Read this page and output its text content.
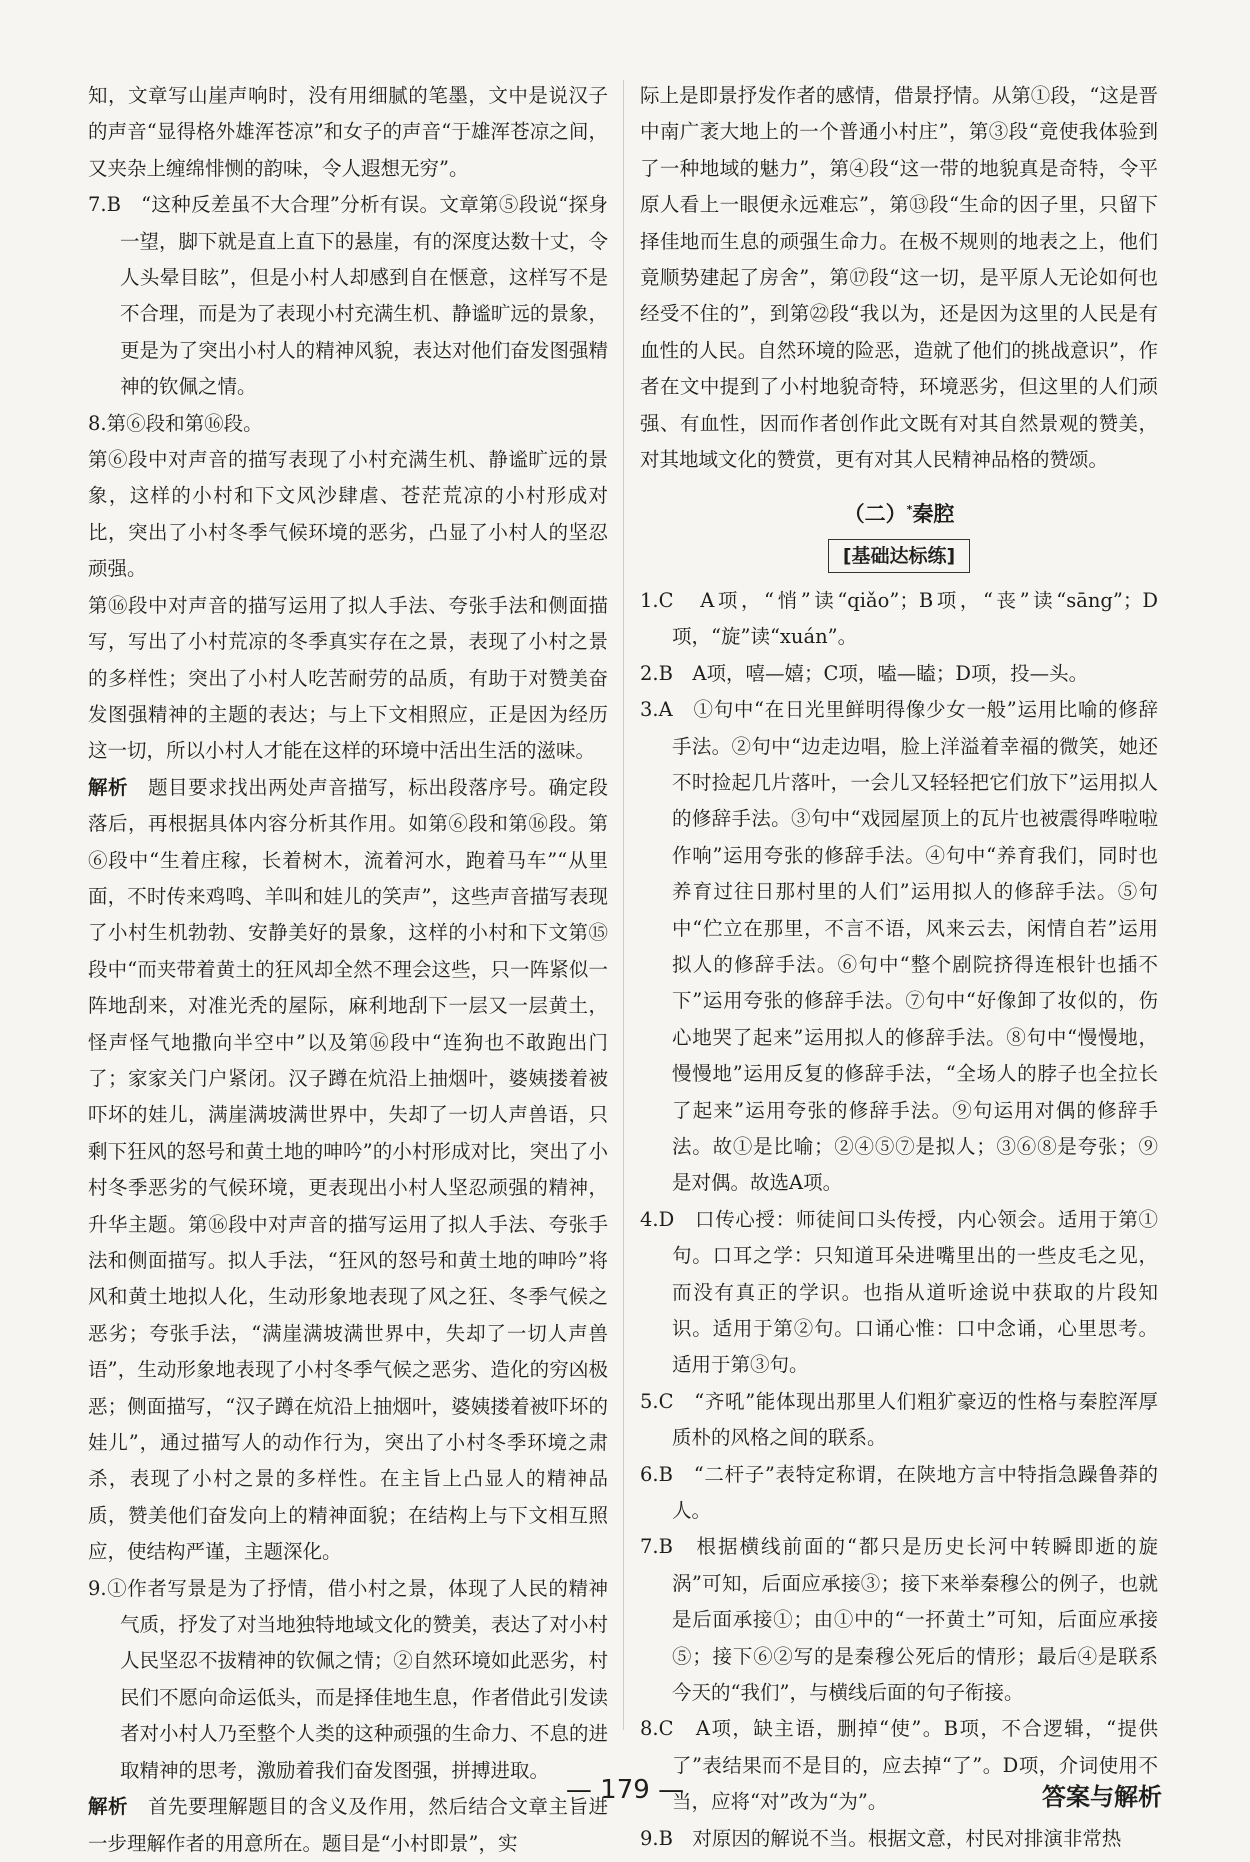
知，文章写山崖声响时，没有用细腻的笔墨，文中是说汉子的声音“显得格外雄浑苍凉”和女子的声音“于雄浑苍凉之间，又夹杂上缠绵悱恻的韵味，令人遐想无穷”。

7.B　“这种反差虽不大合理”分析有误。文章第⑤段说“探身一望，脚下就是直上直下的悬崖，有的深度达数十丈，令人头晕目眩”，但是小村人却感到自在惬意，这样写不是不合理，而是为了表现小村充满生机、静谧旷远的景象，更是为了突出小村人的精神风貌，表达对他们奋发图强精神的钦佩之情。

8.第⑥段和第⑯段。

第⑥段中对声音的描写表现了小村充满生机、静谧旷远的景象，这样的小村和下文风沙肆虐、苍茫荒凉的小村形成对比，突出了小村冬季气候环境的恶劣，凸显了小村人的坚忍顽强。

第⑯段中对声音的描写运用了拟人手法、夸张手法和侧面描写，写出了小村荒凉的冬季真实存在之景，表现了小村之景的多样性；突出了小村人吃苦耐劳的品质，有助于对赞美奋发图强精神的主题的表达；与上下文相照应，正是因为经历这一切，所以小村人才能在这样的环境中活出生活的滋味。

解析　题目要求找出两处声音描写，标出段落序号。确定段落后，再根据具体内容分析其作用。如第⑥段和第⑯段。第⑥段中“生着庄稼，长着树木，流着河水，跑着马车”“从里面，不时传来鸡鸣、羊叫和娃儿的笑声”，这些声音描写表现了小村生机勃勃、安静美好的景象，这样的小村和下文第⑮段中“而夹带着黄土的狂风却全然不理会这些，只一阵紧似一阵地刮来，对准光秃的屋际，麻利地刮下一层又一层黄土，怪声怪气地撒向半空中”以及第⑯段中“连狗也不敢跑出门了；家家关门户紧闭。汉子蹲在炕沿上抽烟叶，婆姨搂着被吓坏的娃儿，满崖满坡满世界中，失却了一切人声兽语，只剩下狂风的怒号和黄土地的呻吟”的小村形成对比，突出了小村冬季恶劣的气候环境，更表现出小村人坚忍顽强的精神，升华主题。第⑯段中对声音的描写运用了拟人手法、夸张手法和侧面描写。拟人手法，“狂风的怒号和黄土地的呻吟”将风和黄土地拟人化，生动形象地表现了风之狂、冬季气候之恶劣；夸张手法，“满崖满坡满世界中，失却了一切人声兽语”，生动形象地表现了小村冬季气候之恶劣、造化的穷凶极恶；侧面描写，“汉子蹲在炕沿上抽烟叶，婆姨搂着被吓坏的娃儿”，通过描写人的动作行为，突出了小村冬季环境之肃杀，表现了小村之景的多样性。在主旨上凸显人的精神品质，赞美他们奋发向上的精神面貌；在结构上与下文相互照应，使结构严谨，主题深化。

9.①作者写景是为了抒情，借小村之景，体现了人民的精神气质，抒发了对当地独特地域文化的赞美，表达了对小村人民坚忍不拔精神的钦佩之情；②自然环境如此恶劣，村民们不愿向命运低头，而是择佳地生息，作者借此引发读者对小村人乃至整个人类的这种顽强的生命力、不息的进取精神的思考，激励着我们奋发图强，拼搏进取。

解析　首先要理解题目的含义及作用，然后结合文章主旨进一步理解作者的用意所在。题目是“小村即景”，实

际上是即景抒发作者的感情，借景抒情。从第①段，“这是晋中南广袤大地上的一个普通小村庄”，第③段“竟使我体验到了一种地域的魅力”，第④段“这一带的地貌真是奇特，令平原人看上一眼便永远难忘”，第⑬段“生命的因子里，只留下择佳地而生息的顽强生命力。在极不规则的地表之上，他们竟顺势建起了房舍”，第⑰段“这一切，是平原人无论如何也经受不住的”，到第㉒段“我以为，还是因为这里的人民是有血性的人民。自然环境的险恶，造就了他们的挑战意识”，作者在文中提到了小村地貌奇特，环境恶劣，但这里的人们顽强、有血性，因而作者创作此文既有对其自然景观的赞美，对其地域文化的赞赏，更有对其人民精神品格的赞颂。

（二）*秦腔
[基础达标练]

1.C　A项，“悄”读“qiǎo”；B项，“丧”读“sāng”；D项，“旋”读“xuán”。

2.B　A项，嘻—嬉；C项，嗑—瞌；D项，投—头。

3.A　①句中“在日光里鲜明得像少女一般”运用比喻的修辞手法。②句中“边走边唱，脸上洋溢着幸福的微笑，她还不时捡起几片落叶，一会儿又轻轻把它们放下”运用拟人的修辞手法。③句中“戏园屋顶上的瓦片也被震得哗啦啦作响”运用夸张的修辞手法。④句中“养育我们，同时也养育过往日那村里的人们”运用拟人的修辞手法。⑤句中“伫立在那里，不言不语，风来云去，闲情自若”运用拟人的修辞手法。⑥句中“整个剧院挤得连根针也插不下”运用夸张的修辞手法。⑦句中“好像卸了妆似的，伤心地哭了起来”运用拟人的修辞手法。⑧句中“慢慢地，慢慢地”运用反复的修辞手法，“全场人的脖子也全拉长了起来”运用夸张的修辞手法。⑨句运用对偶的修辞手法。故①是比喻；②④⑤⑦是拟人；③⑥⑧是夸张；⑨是对偶。故选A项。

4.D　口传心授：师徒间口头传授，内心领会。适用于第①句。口耳之学：只知道耳朵进嘴里出的一些皮毛之见，而没有真正的学识。也指从道听途说中获取的片段知识。适用于第②句。口诵心惟：口中念诵，心里思考。适用于第③句。

5.C　“齐吼”能体现出那里人们粗犷豪迈的性格与秦腔浑厚质朴的风格之间的联系。

6.B　“二杆子”表特定称谓，在陕地方言中特指急躁鲁莽的人。

7.B　根据横线前面的“都只是历史长河中转瞬即逝的旋涡”可知，后面应承接③；接下来举秦穆公的例子，也就是后面承接①；由①中的“一抔黄土”可知，后面应承接⑤；接下⑥②写的是秦穆公死后的情形；最后④是联系今天的“我们”，与横线后面的句子衔接。

8.C　A项，缺主语，删掉“使”。B项，不合逻辑，“提供了”表结果而不是目的，应去掉“了”。D项，介词使用不当，应将“对”改为“为”。

9.B　对原因的解说不当。根据文意，村民对排演非常热

— 179 —	答案与解析
